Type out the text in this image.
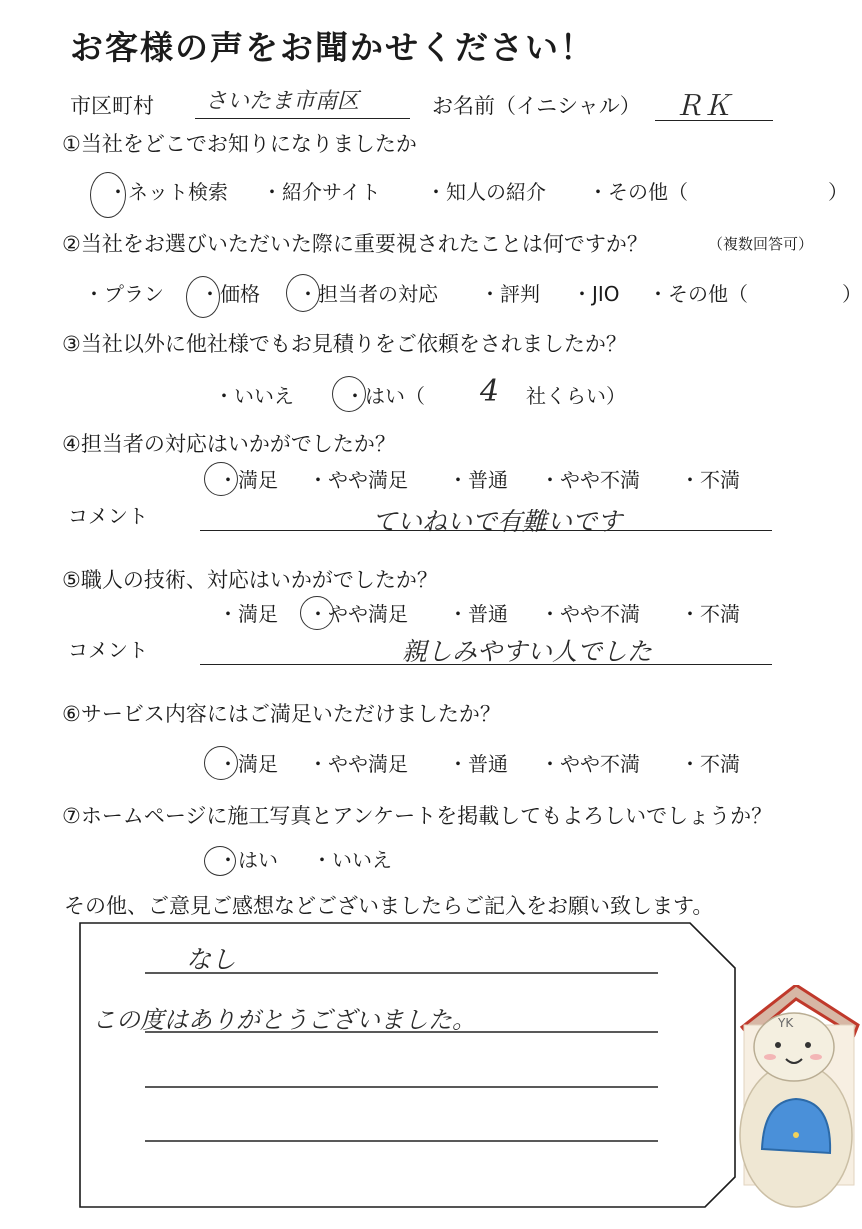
お客様の声をお聞かせください！
市区町村 さいたま市南区	お名前（イニシャル） ＲＫ
①当社をどこでお知りになりましたか
・ネット検索 ・紹介サイト ・知人の紹介 ・その他（	）
②当社をお選びいただいた際に重要視されたことは何ですか？	（複数回答可）
・プラン ・価格 ・担当者の対応 ・評判 ・JIO ・その他（	）
③当社以外に他社様でもお見積りをご依頼をされましたか？
・いいえ	・はい（ 4 社くらい）
④担当者の対応はいかがでしたか？
・満足 ・やや満足 ・普通 ・やや不満 ・不満
コメント	ていねいで有難いです
⑤職人の技術、対応はいかがでしたか？
・満足 ・やや満足 ・普通 ・やや不満 ・不満
コメント	親しみやすい人でした
⑥サービス内容にはご満足いただけましたか？
・満足 ・やや満足 ・普通 ・やや不満 ・不満
⑦ホームページに施工写真とアンケートを掲載してもよろしいでしょうか？
・はい ・いいえ
その他、ご意見ご感想などございましたらご記入をお願い致します。
なし
この度はありがとうございました。	YK
